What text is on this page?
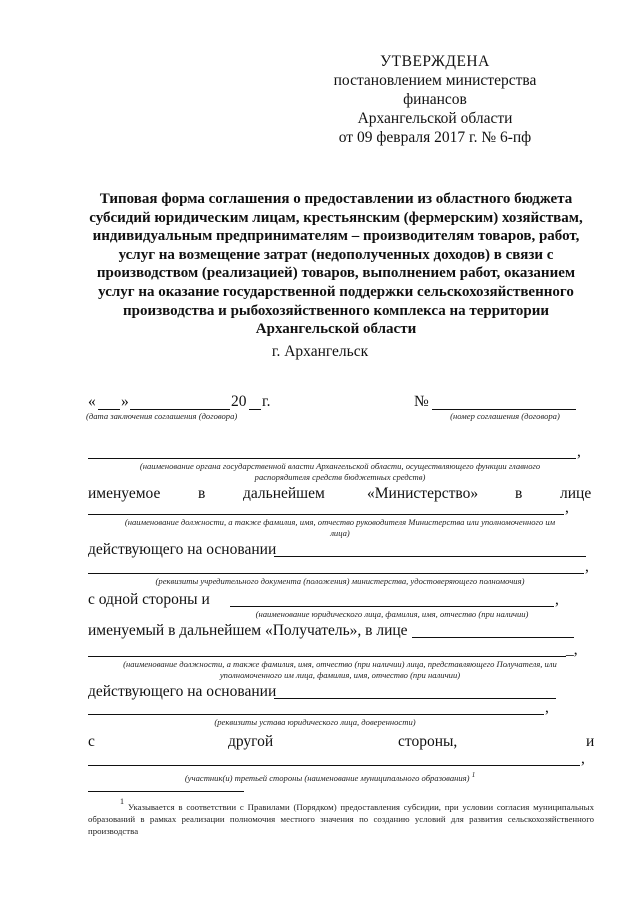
УТВЕРЖДЕНА
постановлением министерства финансов
Архангельской области
от 09 февраля 2017 г. № 6-пф
Типовая форма соглашения о предоставлении из областного бюджета субсидий юридическим лицам, крестьянским (фермерским) хозяйствам, индивидуальным предпринимателям – производителям товаров, работ, услуг на возмещение затрат (недополученных доходов) в связи с производством (реализацией) товаров, выполнением работ, оказанием услуг на оказание государственной поддержки сельскохозяйственного производства и рыбохозяйственного комплекса на территории Архангельской области
г. Архангельск
« »	20 г.
(дата заключения соглашения (договора)
№
(номер соглашения (договора)
,
(наименование органа государственной власти Архангельской области, осуществляющего функции главного
распорядителя средств бюджетных средств)
именуемое в дальнейшем	«Министерство» в лице
,
(наименование должности, а также фамилия, имя, отчество руководителя Министерства или уполномоченного им
лица)
действующего на основании
,
(реквизиты учредительного документа (положения) министерства, удостоверяющего полномочия)
с одной стороны и	,
(наименование юридического лица, фамилия, имя, отчество (при наличии)
именуемый в дальнейшем «Получатель», в лице
_,
(наименование должности, а также фамилия, имя, отчество (при наличии) лица, представляющего Получателя, или
уполномоченного им лица, фамилия, имя, отчество (при наличии)
действующего на основании
,
(реквизиты устава юридического лица, доверенности)
с	другой	стороны,	и
,
(участник(и) третьей стороны (наименование муниципального образования) $^1$
1
Указывается в соответствии с Правилами (Порядком) предоставления субсидии, при условии согласия муниципальных образований в рамках реализации полномочия местного значения по созданию условий для развития сельскохозяйственного производства
